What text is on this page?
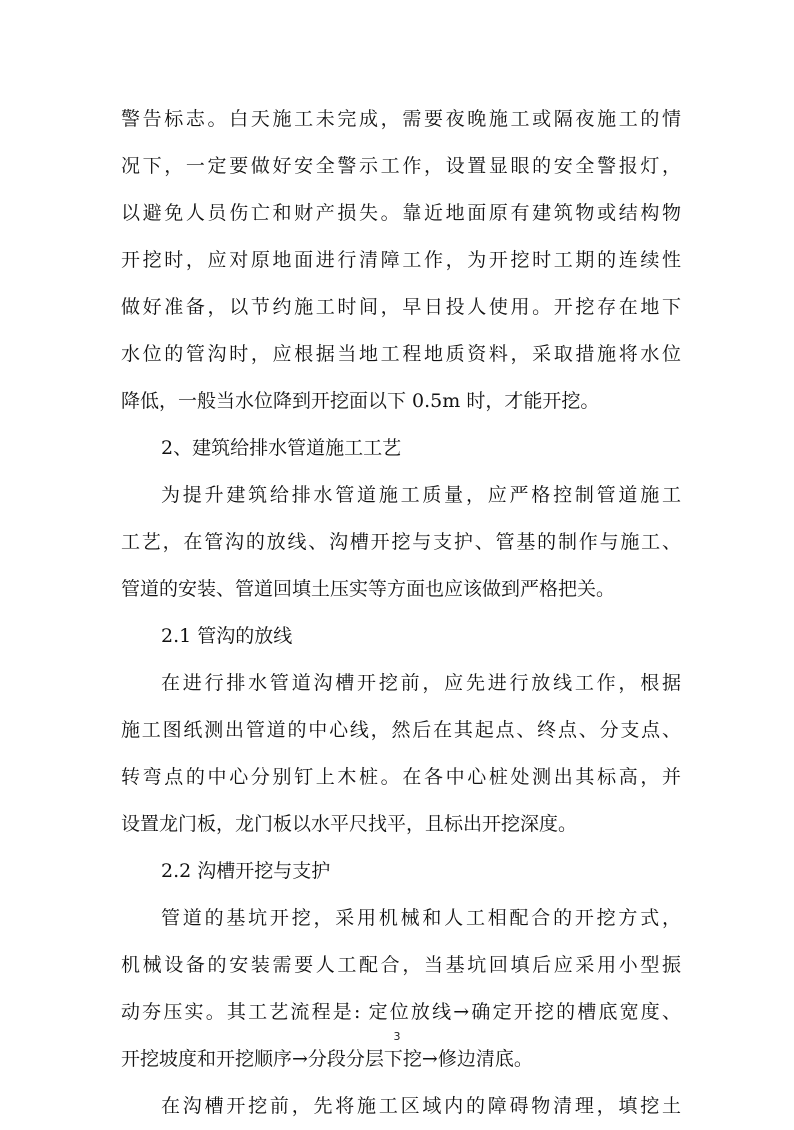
警告标志。白天施工未完成，需要夜晚施工或隔夜施工的情
况下，一定要做好安全警示工作，设置显眼的安全警报灯，
以避免人员伤亡和财产损失。靠近地面原有建筑物或结构物
开挖时，应对原地面进行清障工作，为开挖时工期的连续性
做好准备，以节约施工时间，早日投人使用。开挖存在地下
水位的管沟时，应根据当地工程地质资料，采取措施将水位
降低，一般当水位降到开挖面以下 0.5m 时，才能开挖。
2、建筑给排水管道施工工艺
为提升建筑给排水管道施工质量，应严格控制管道施工
工艺，在管沟的放线、沟槽开挖与支护、管基的制作与施工、
管道的安装、管道回填土压实等方面也应该做到严格把关。
2.1 管沟的放线
在进行排水管道沟槽开挖前，应先进行放线工作，根据
施工图纸测出管道的中心线，然后在其起点、终点、分支点、
转弯点的中心分别钉上木桩。在各中心桩处测出其标高，并
设置龙门板，龙门板以水平尺找平，且标出开挖深度。
2.2 沟槽开挖与支护
管道的基坑开挖，采用机械和人工相配合的开挖方式，
机械设备的安装需要人工配合，当基坑回填后应采用小型振
动夯压实。其工艺流程是: 定位放线→确定开挖的槽底宽度、
开挖坡度和开挖顺序→分段分层下挖→修边清底。
在沟槽开挖前，先将施工区域内的障碍物清理，填挖土
3
